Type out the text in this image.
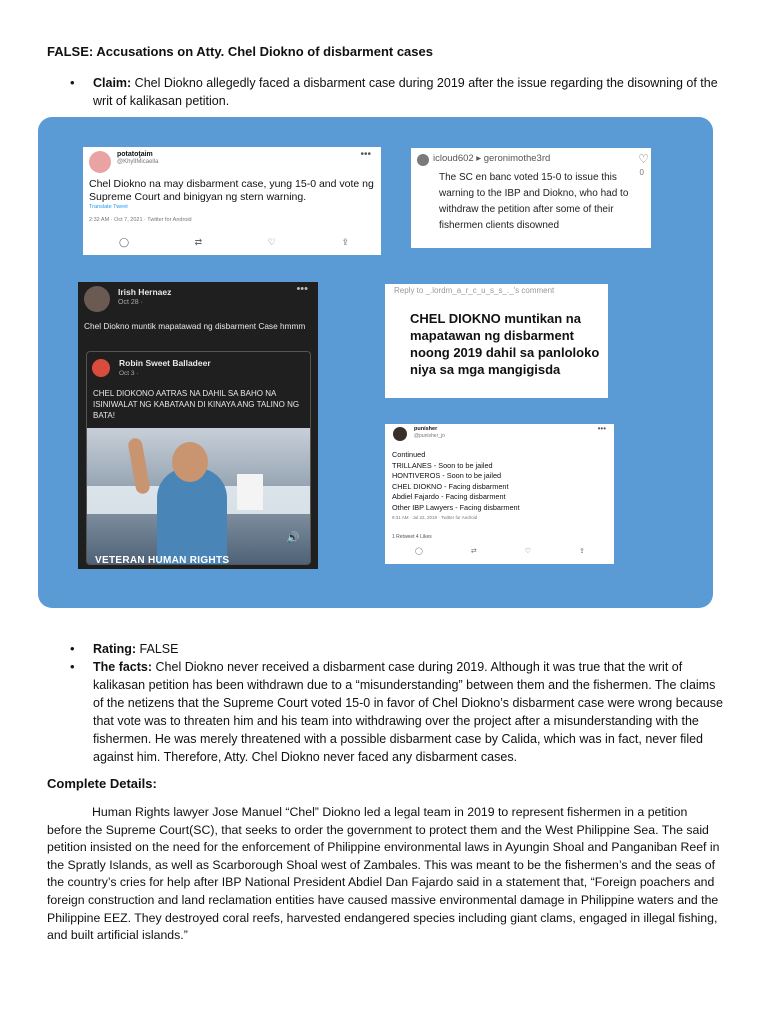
FALSE: Accusations on Atty. Chel Diokno of disbarment cases
• Claim: Chel Diokno allegedly faced a disbarment case during 2019 after the issue regarding the disowning of the writ of kalikasan petition.
potatoţaim
@KhylIMicaella
•••
Chel Diokno na may disbarment case, yung 15-0 and vote ng Supreme Court and binigyan ng stern warning.
Translate Tweet
2:32 AM · Oct 7, 2021 · Twitter for Android
◯	⇄	♡	⇪
icloud602 ▸ geronimothe3rd
The SC en banc voted 15-0 to issue this warning to the IBP and Diokno, who had to withdraw the petition after some of their fishermen clients disowned
♡
0
Irish Hernaez
Oct 28 ·
•••
Chel Diokno muntik mapatawad ng disbarment Case hmmm
Robin Sweet Balladeer
Oct 3 ·
CHEL DIOKONO AATRAS NA DAHIL SA BAHO NA ISINIWALAT NG KABATAAN DI KINAYA ANG TALINO NG BATA!
🔊
VETERAN HUMAN RIGHTS
Reply to _.lordm_a_r_c_u_s_s_._'s comment
CHEL DIOKNO muntikan na mapatawan ng disbarment noong 2019 dahil sa panloloko niya sa mga mangigisda
punisher
@punisher_jo
•••
Continued
TRILLANES - Soon to be jailed
HONTIVEROS - Soon to be jailed
CHEL DIOKNO - Facing disbarment
Abdiel Fajardo - Facing disbarment
Other IBP Lawyers - Facing disbarment
9:31 AM · Jul 22, 2019 · Twitter for Android
1 Retweet 4 Likes
◯	⇄	♡	⇪
• Rating: FALSE
• The facts: Chel Diokno never received a disbarment case during 2019. Although it was true that the writ of kalikasan petition has been withdrawn due to a “misunderstanding” between them and the fishermen. The claims of the netizens that the Supreme Court voted 15-0 in favor of Chel Diokno’s disbarment case were wrong because that vote was to threaten him and his team into withdrawing over the project after a misunderstanding with the fishermen. He was merely threatened with a possible disbarment case by Calida, which was in fact, never filed against him. Therefore, Atty. Chel Diokno never faced any disbarment cases.
Complete Details:
Human Rights lawyer Jose Manuel “Chel” Diokno led a legal team in 2019 to represent fishermen in a petition before the Supreme Court(SC), that seeks to order the government to protect them and the West Philippine Sea. The said petition insisted on the need for the enforcement of Philippine environmental laws in Ayungin Shoal and Panganiban Reef in the Spratly Islands, as well as Scarborough Shoal west of Zambales. This was meant to be the fishermen’s and the seas of the country’s cries for help after IBP National President Abdiel Dan Fajardo said in a statement that, “Foreign poachers and foreign construction and land reclamation entities have caused massive environmental damage in Philippine waters and the Philippine EEZ. They destroyed coral reefs, harvested endangered species including giant clams, engaged in illegal fishing, and built artificial islands.”
